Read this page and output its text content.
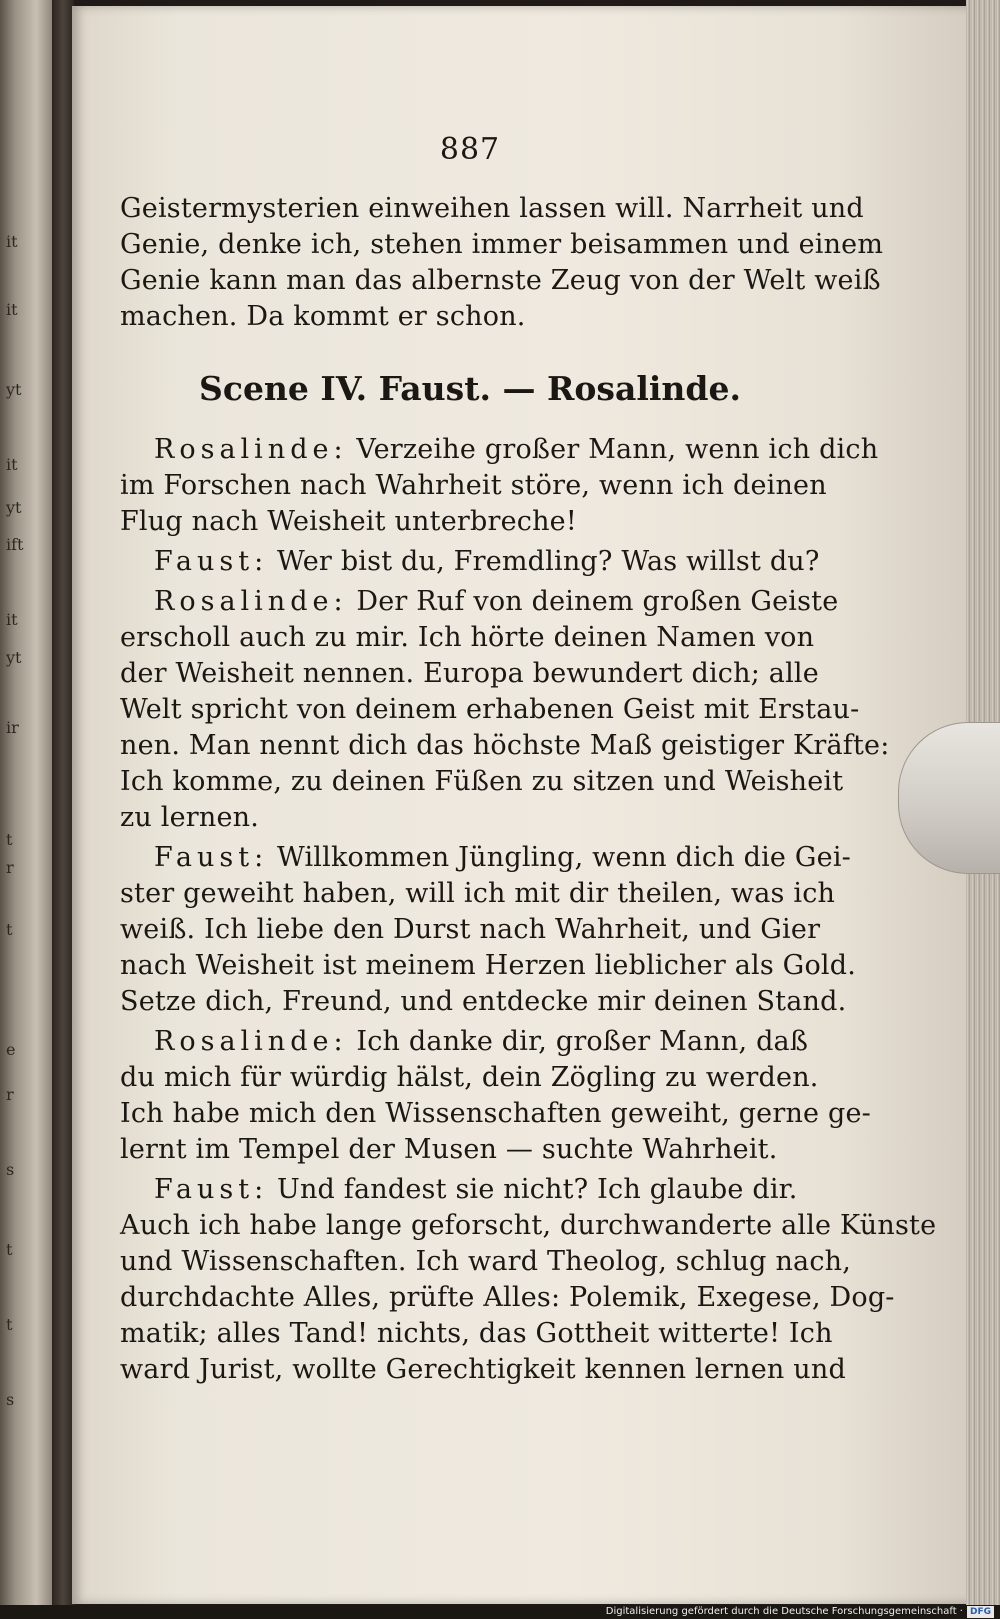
it
it
yt
it
yt
ift
it
yt
ir
t
r
t
e
r
s
t
t
s
887
Geistermysterien einweihen lassen will. Narrheit und
Genie, denke ich, stehen immer beisammen und einem
Genie kann man das albernste Zeug von der Welt weiß
machen. Da kommt er schon.
Scene IV. Faust. — Rosalinde.
Rosalinde: Verzeihe großer Mann, wenn ich dich
im Forschen nach Wahrheit störe, wenn ich deinen
Flug nach Weisheit unterbreche!
Faust: Wer bist du, Fremdling? Was willst du?
Rosalinde: Der Ruf von deinem großen Geiste
erscholl auch zu mir. Ich hörte deinen Namen von
der Weisheit nennen. Europa bewundert dich; alle
Welt spricht von deinem erhabenen Geist mit Erstau-
nen. Man nennt dich das höchste Maß geistiger Kräfte:
Ich komme, zu deinen Füßen zu sitzen und Weisheit
zu lernen.
Faust: Willkommen Jüngling, wenn dich die Gei-
ster geweiht haben, will ich mit dir theilen, was ich
weiß. Ich liebe den Durst nach Wahrheit, und Gier
nach Weisheit ist meinem Herzen lieblicher als Gold.
Setze dich, Freund, und entdecke mir deinen Stand.
Rosalinde: Ich danke dir, großer Mann, daß
du mich für würdig hälst, dein Zögling zu werden.
Ich habe mich den Wissenschaften geweiht, gerne ge-
lernt im Tempel der Musen — suchte Wahrheit.
Faust: Und fandest sie nicht? Ich glaube dir.
Auch ich habe lange geforscht, durchwanderte alle Künste
und Wissenschaften. Ich ward Theolog, schlug nach,
durchdachte Alles, prüfte Alles: Polemik, Exegese, Dog-
matik; alles Tand! nichts, das Gottheit witterte! Ich
ward Jurist, wollte Gerechtigkeit kennen lernen und
Digitalisierung gefördert durch die Deutsche Forschungsgemeinschaft · DFG
